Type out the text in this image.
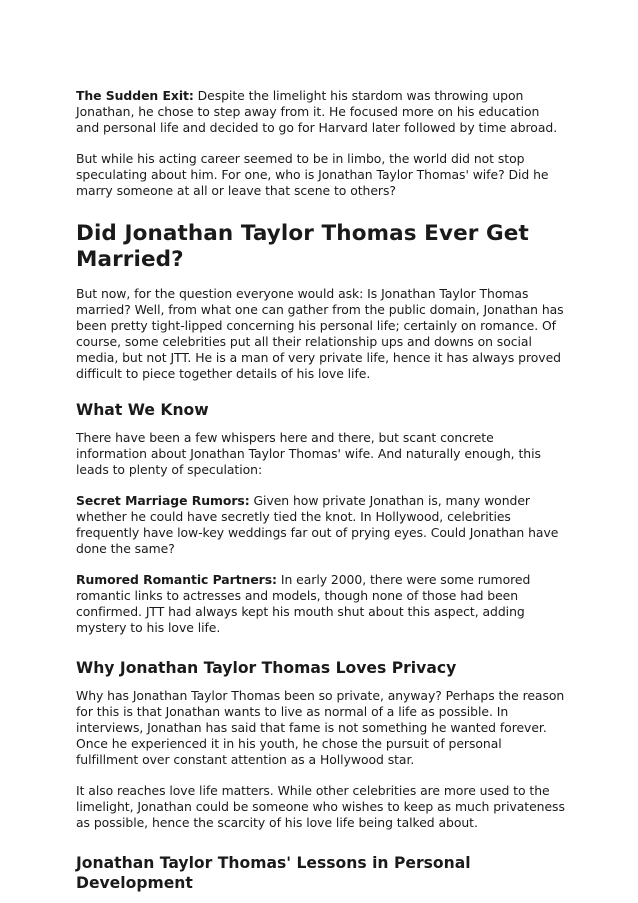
The Sudden Exit: Despite the limelight his stardom was throwing upon Jonathan, he chose to step away from it. He focused more on his education and personal life and decided to go for Harvard later followed by time abroad.

But while his acting career seemed to be in limbo, the world did not stop speculating about him. For one, who is Jonathan Taylor Thomas' wife? Did he marry someone at all or leave that scene to others?

Did Jonathan Taylor Thomas Ever Get Married?

But now, for the question everyone would ask: Is Jonathan Taylor Thomas married? Well, from what one can gather from the public domain, Jonathan has been pretty tight-lipped concerning his personal life; certainly on romance. Of course, some celebrities put all their relationship ups and downs on social media, but not JTT. He is a man of very private life, hence it has always proved difficult to piece together details of his love life.

What We Know

There have been a few whispers here and there, but scant concrete information about Jonathan Taylor Thomas' wife. And naturally enough, this leads to plenty of speculation:

Secret Marriage Rumors: Given how private Jonathan is, many wonder whether he could have secretly tied the knot. In Hollywood, celebrities frequently have low-key weddings far out of prying eyes. Could Jonathan have done the same?

Rumored Romantic Partners: In early 2000, there were some rumored romantic links to actresses and models, though none of those had been confirmed. JTT had always kept his mouth shut about this aspect, adding mystery to his love life.

Why Jonathan Taylor Thomas Loves Privacy

Why has Jonathan Taylor Thomas been so private, anyway? Perhaps the reason for this is that Jonathan wants to live as normal of a life as possible. In interviews, Jonathan has said that fame is not something he wanted forever. Once he experienced it in his youth, he chose the pursuit of personal fulfillment over constant attention as a Hollywood star.

It also reaches love life matters. While other celebrities are more used to the limelight, Jonathan could be someone who wishes to keep as much privateness as possible, hence the scarcity of his love life being talked about.

Jonathan Taylor Thomas' Lessons in Personal Development
